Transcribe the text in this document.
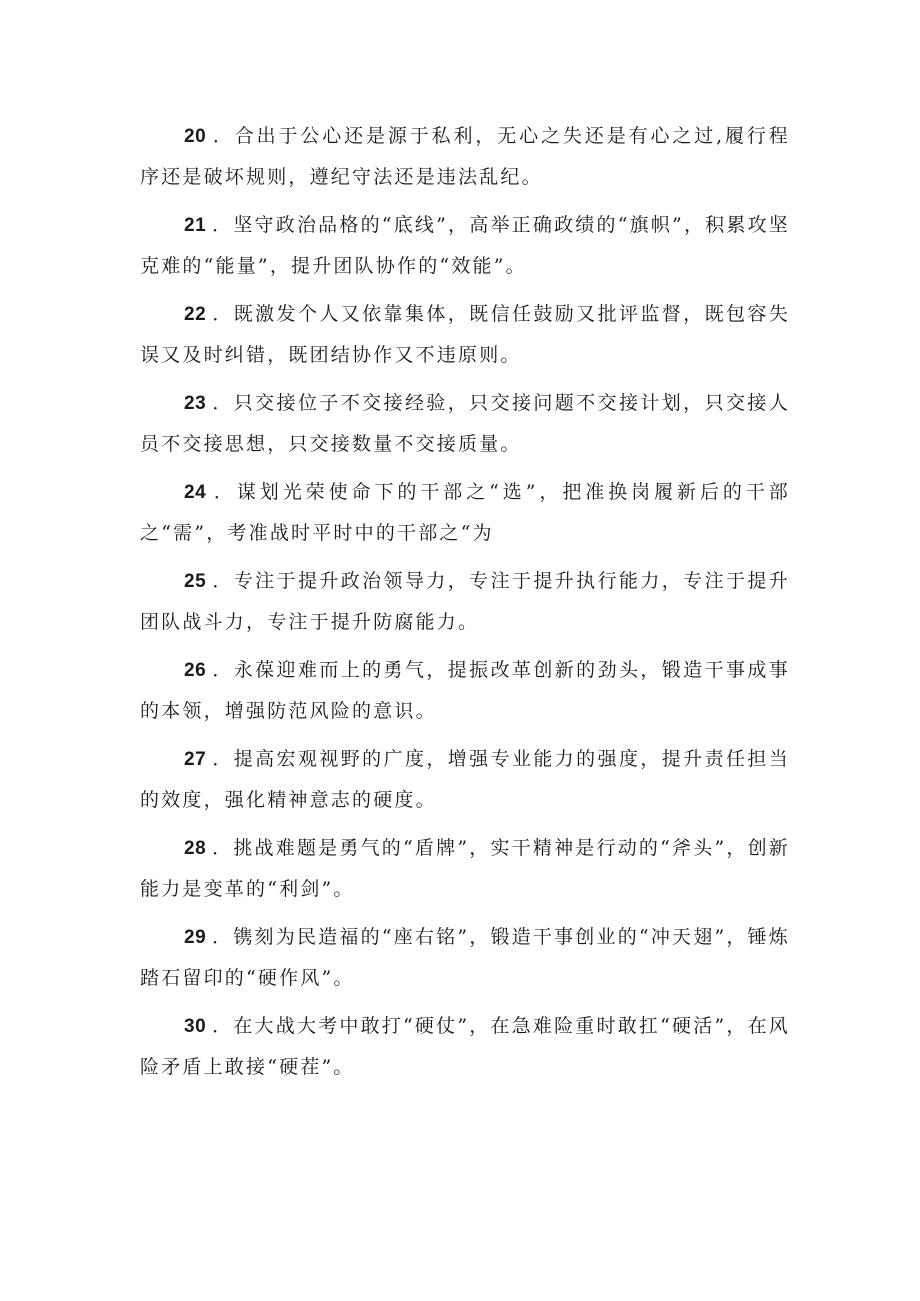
20 ．合出于公心还是源于私利，无心之失还是有心之过,履行程序还是破坏规则，遵纪守法还是违法乱纪。

21 ．坚守政治品格的“底线”，高举正确政绩的“旗帜”，积累攻坚克难的“能量”，提升团队协作的“效能”。

22 ．既激发个人又依靠集体，既信任鼓励又批评监督，既包容失误又及时纠错，既团结协作又不违原则。

23 ．只交接位子不交接经验，只交接问题不交接计划，只交接人员不交接思想，只交接数量不交接质量。

24 ．谋划光荣使命下的干部之“选”，把准换岗履新后的干部之“需”，考准战时平时中的干部之“为

25 ．专注于提升政治领导力，专注于提升执行能力，专注于提升团队战斗力，专注于提升防腐能力。

26 ．永葆迎难而上的勇气，提振改革创新的劲头，锻造干事成事的本领，增强防范风险的意识。

27 ．提高宏观视野的广度，增强专业能力的强度，提升责任担当的效度，强化精神意志的硬度。

28 ．挑战难题是勇气的“盾牌”，实干精神是行动的“斧头”，创新能力是变革的“利剑”。

29 ．镌刻为民造福的“座右铭”，锻造干事创业的“冲天翅”，锤炼踏石留印的“硬作风”。

30 ．在大战大考中敢打“硬仗”，在急难险重时敢扛“硬活”，在风险矛盾上敢接“硬茬”。
